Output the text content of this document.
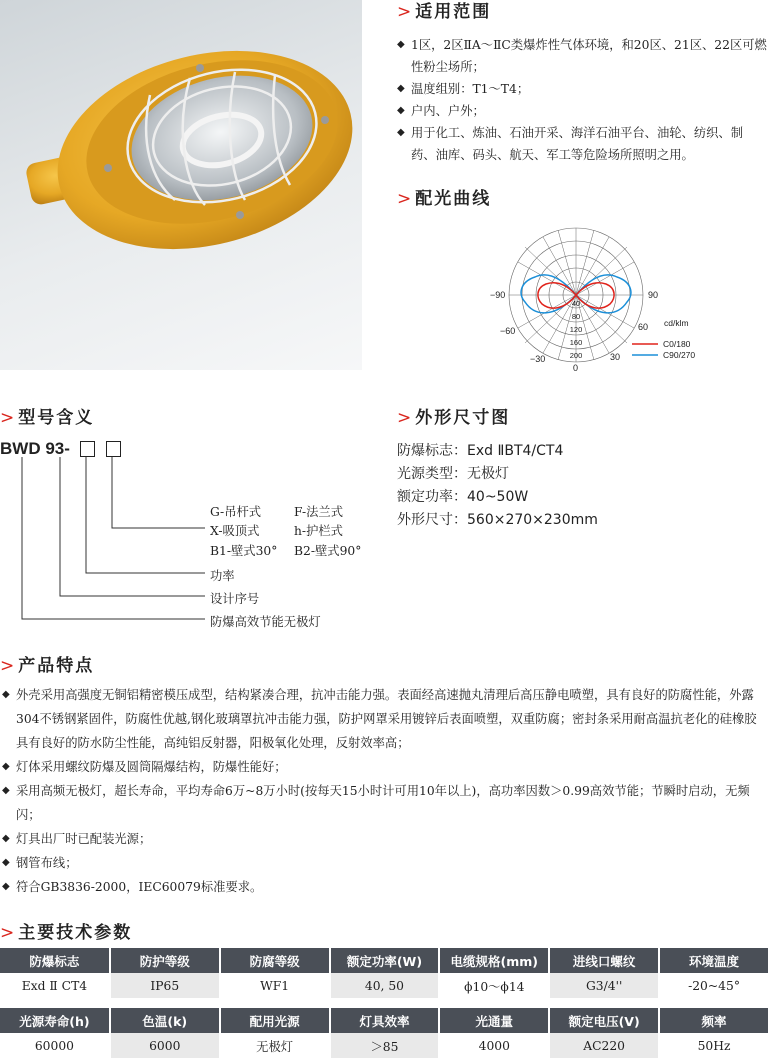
> 适用范围
◆ 1区，2区ⅡA～ⅡC类爆炸性气体环境，和20区、21区、22区可燃性粉尘场所；
◆ 温度组别：T1～T4；
◆ 户内、户外；
◆ 用于化工、炼油、石油开采、海洋石油平台、油轮、纺织、制药、油库、码头、航天、军工等危险场所照明之用。
> 配光曲线
40
80
120
160
200
−90	90
−60	60
−30	30
0
cd/klm
C0/180
C90/270
> 型号含义
BWD 93-
G-吊杆式	F-法兰式
X-吸顶式	h-护栏式
B1-壁式30° B2-壁式90°
功率
设计序号
防爆高效节能无极灯
> 外形尺寸图
防爆标志：Exd ⅡBT4/CT4
光源类型：无极灯
额定功率：40~50W
外形尺寸：560×270×230mm
> 产品特点
◆ 外壳采用高强度无铜铝精密模压成型，结构紧凑合理，抗冲击能力强。表面经高速抛丸清理后高压静电喷塑，具有良好的防腐性能，外露304不锈钢紧固件，防腐性优越,钢化玻璃罩抗冲击能力强，防护网罩采用镀锌后表面喷塑，双重防腐；密封条采用耐高温抗老化的硅橡胶具有良好的防水防尘性能，高纯铝反射器，阳极氧化处理，反射效率高；
◆ 灯体采用螺纹防爆及圆筒隔爆结构，防爆性能好；
◆ 采用高频无极灯，超长寿命，平均寿命6万~8万小时(按每天15小时计可用10年以上)，高功率因数＞0.99高效节能；节瞬时启动，无频闪；
◆ 灯具出厂时已配装光源；
◆ 钢管布线；
◆ 符合GB3836-2000，IEC60079标准要求。
> 主要技术参数
防爆标志	防护等级	防腐等级	额定功率(W)	电缆规格(mm)	进线口螺纹	环境温度
Exd Ⅱ CT4	IP65	WF1	40, 50	ϕ10～ϕ14	G3/4''	-20~45°
光源寿命(h)	色温(k)	配用光源	灯具效率	光通量	额定电压(V)	频率
60000	6000	无极灯	＞85	4000	AC220	50Hz
